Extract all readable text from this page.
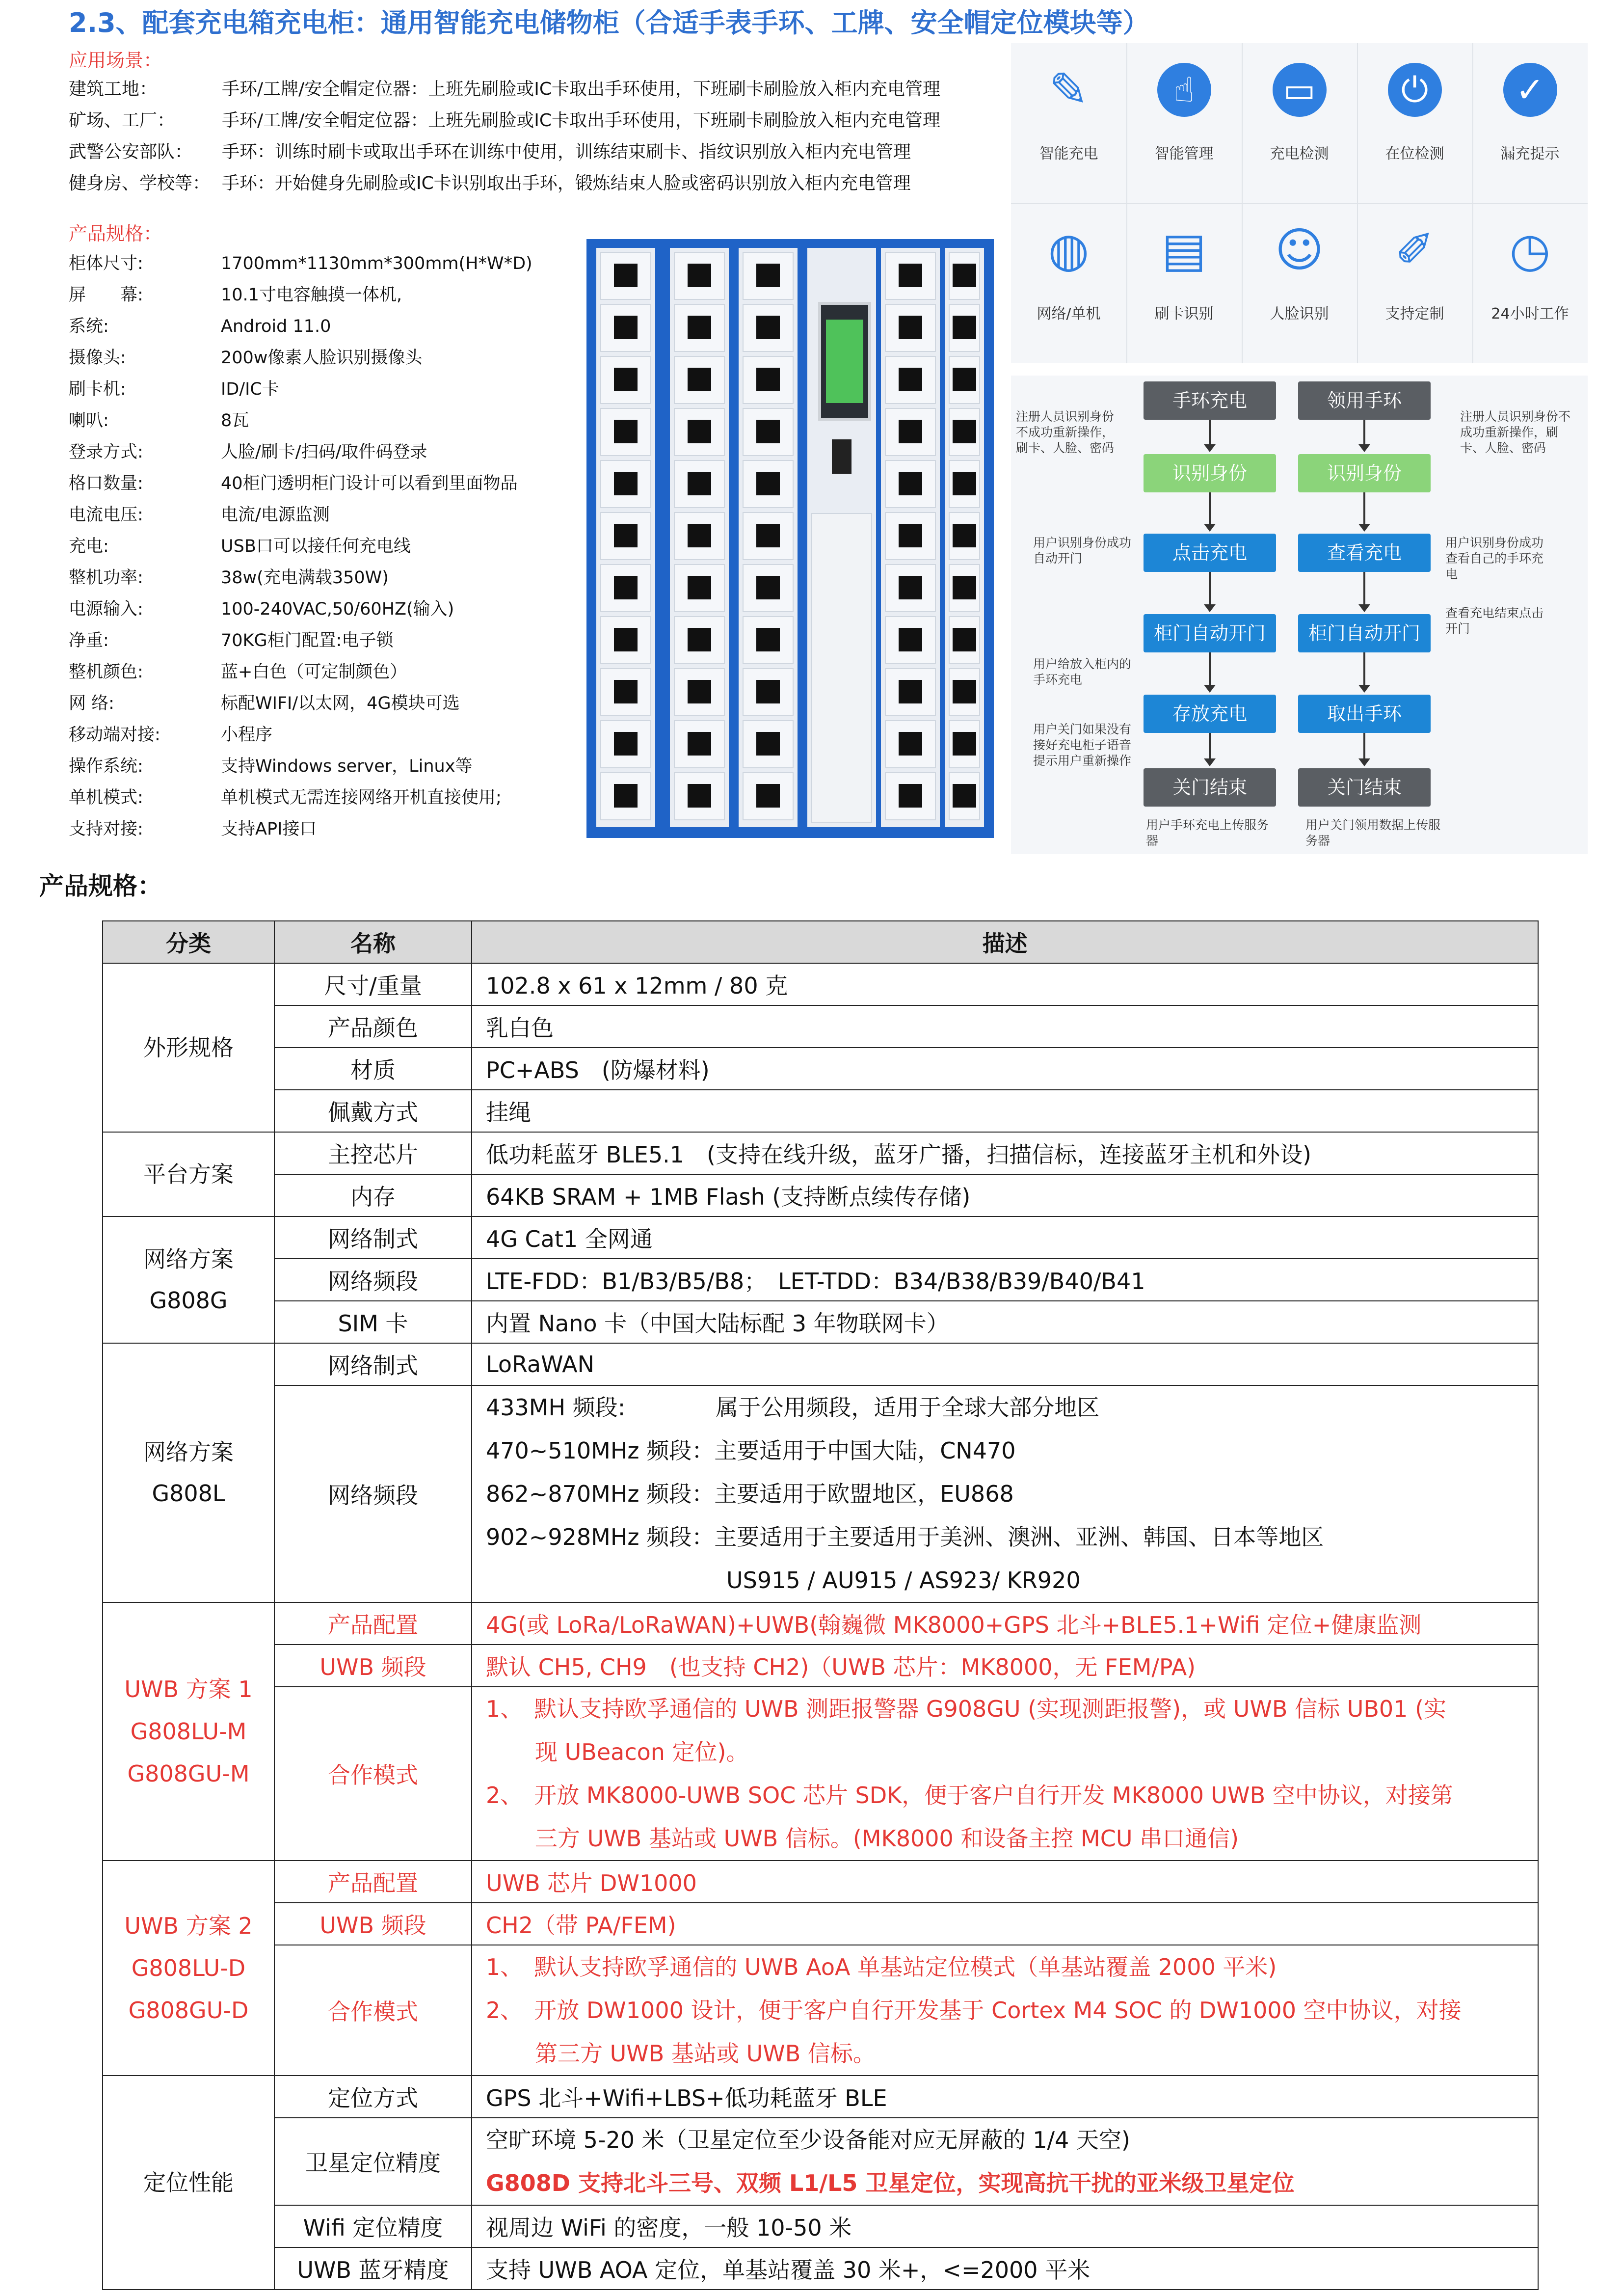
2.3、配套充电箱充电柜：通用智能充电储物柜（合适手表手环、工牌、安全帽定位模块等）
应用场景：
建筑工地：	手环/工牌/安全帽定位器：上班先刷脸或IC卡取出手环使用，下班刷卡刷脸放入柜内充电管理
矿场、工厂：	手环/工牌/安全帽定位器：上班先刷脸或IC卡取出手环使用，下班刷卡刷脸放入柜内充电管理
武警公安部队： 手环：训练时刷卡或取出手环在训练中使用，训练结束刷卡、指纹识别放入柜内充电管理
健身房、学校等： 手环：开始健身先刷脸或IC卡识别取出手环，锻炼结束人脸或密码识别放入柜内充电管理
产品规格：
柜体尺寸:	1700mm*1130mm*300mm(H*W*D)
屏　　幕:	10.1寸电容触摸一体机,
系统:	Android 11.0
摄像头:	200w像素人脸识别摄像头
刷卡机:	ID/IC卡
喇叭:	8瓦
登录方式:	人脸/刷卡/扫码/取件码登录
格口数量:	40柜门透明柜门设计可以看到里面物品
电流电压:	电流/电源监测
充电:	USB口可以接任何充电线
整机功率:	38w(充电满载350W)
电源输入:	100-240VAC,50/60HZ(输入)
净重:	70KG柜门配置:电子锁
整机颜色:	蓝+白色（可定制颜色）
网 络:	标配WIFI/以太网，4G模块可选
移动端对接:	小程序
操作系统:	支持Windows server，Linux等
单机模式:	单机模式无需连接网络开机直接使用;
支持对接:	支持API接口
✎
智能充电
☝
智能管理
▭
充电检测
⏻
在位检测
✓
漏充提示
◍
网络/单机
▤
刷卡识别
☺
人脸识别
✐
支持定制
◷
24小时工作
手环充电
识别身份
点击充电
柜门自动开门
存放充电
关门结束
领用手环
识别身份
查看充电
柜门自动开门
取出手环
关门结束
注册人员识别身份不成功重新操作，刷卡、人脸、密码
用户识别身份成功自动开门
用户给放入柜内的手环充电
用户关门如果没有接好充电柜子语音提示用户重新操作
用户手环充电上传服务器
注册人员识别身份不成功重新操作，刷卡、人脸、密码
用户识别身份成功查看自己的手环充电
查看充电结束点击开门
用户关门领用数据上传服务器
产品规格：
分类	名称	描述
外形规格	尺寸/重量	102.8 x 61 x 12mm / 80 克
	产品颜色	乳白色
	材质	PC+ABS　(防爆材料)
	佩戴方式	挂绳
平台方案	主控芯片	低功耗蓝牙 BLE5.1　(支持在线升级，蓝牙广播，扫描信标，连接蓝牙主机和外设)
	内存	64KB SRAM + 1MB Flash (支持断点续传存储)

网络方案
G808G	网络制式	4G Cat1 全网通
	网络频段	LTE-FDD：B1/B3/B5/B8；　LET-TDD：B34/B38/B39/B40/B41
	SIM 卡	内置 Nano 卡（中国大陆标配 3 年物联网卡）

网络方案
G808L	网络制式	LoRaWAN
	网络频段	433MH 频段:　　　　属于公用频段，适用于全球大部分地区
470~510MHz 频段：主要适用于中国大陆，CN470
862~870MHz 频段：主要适用于欧盟地区，EU868
902~928MHz 频段：主要适用于主要适用于美洲、澳洲、亚洲、韩国、日本等地区
US915 / AU915 / AS923/ KR920

UWB 方案 1
G808LU-M
G808GU-M	产品配置	4G(或 LoRa/LoRaWAN)+UWB(翰巍微 MK8000+GPS 北斗+BLE5.1+Wifi 定位+健康监测
	UWB 频段	默认 CH5, CH9　(也支持 CH2)（UWB 芯片：MK8000，无 FEM/PA)
	合作模式	1、　默认支持欧孚通信的 UWB 测距报警器 G908GU (实现测距报警)，或 UWB 信标 UB01 (实
现 UBeacon 定位)。
2、　开放 MK8000-UWB SOC 芯片 SDK，便于客户自行开发 MK8000 UWB 空中协议，对接第
三方 UWB 基站或 UWB 信标。(MK8000 和设备主控 MCU 串口通信)

UWB 方案 2
G808LU-D
G808GU-D	产品配置	UWB 芯片 DW1000
	UWB 频段	CH2（带 PA/FEM)
	合作模式	1、　默认支持欧孚通信的 UWB AoA 单基站定位模式（单基站覆盖 2000 平米)
2、　开放 DW1000 设计，便于客户自行开发基于 Cortex M4 SOC 的 DW1000 空中协议，对接
第三方 UWB 基站或 UWB 信标。

定位性能	定位方式	GPS 北斗+Wifi+LBS+低功耗蓝牙 BLE
	卫星定位精度	空旷环境 5-20 米（卫星定位至少设备能对应无屏蔽的 1/4 天空)
G808D 支持北斗三号、双频 L1/L5 卫星定位，实现高抗干扰的亚米级卫星定位

	Wifi 定位精度	视周边 WiFi 的密度，一般 10-50 米
	UWB 蓝牙精度	支持 UWB AOA 定位，单基站覆盖 30 米+，<=2000 平米
